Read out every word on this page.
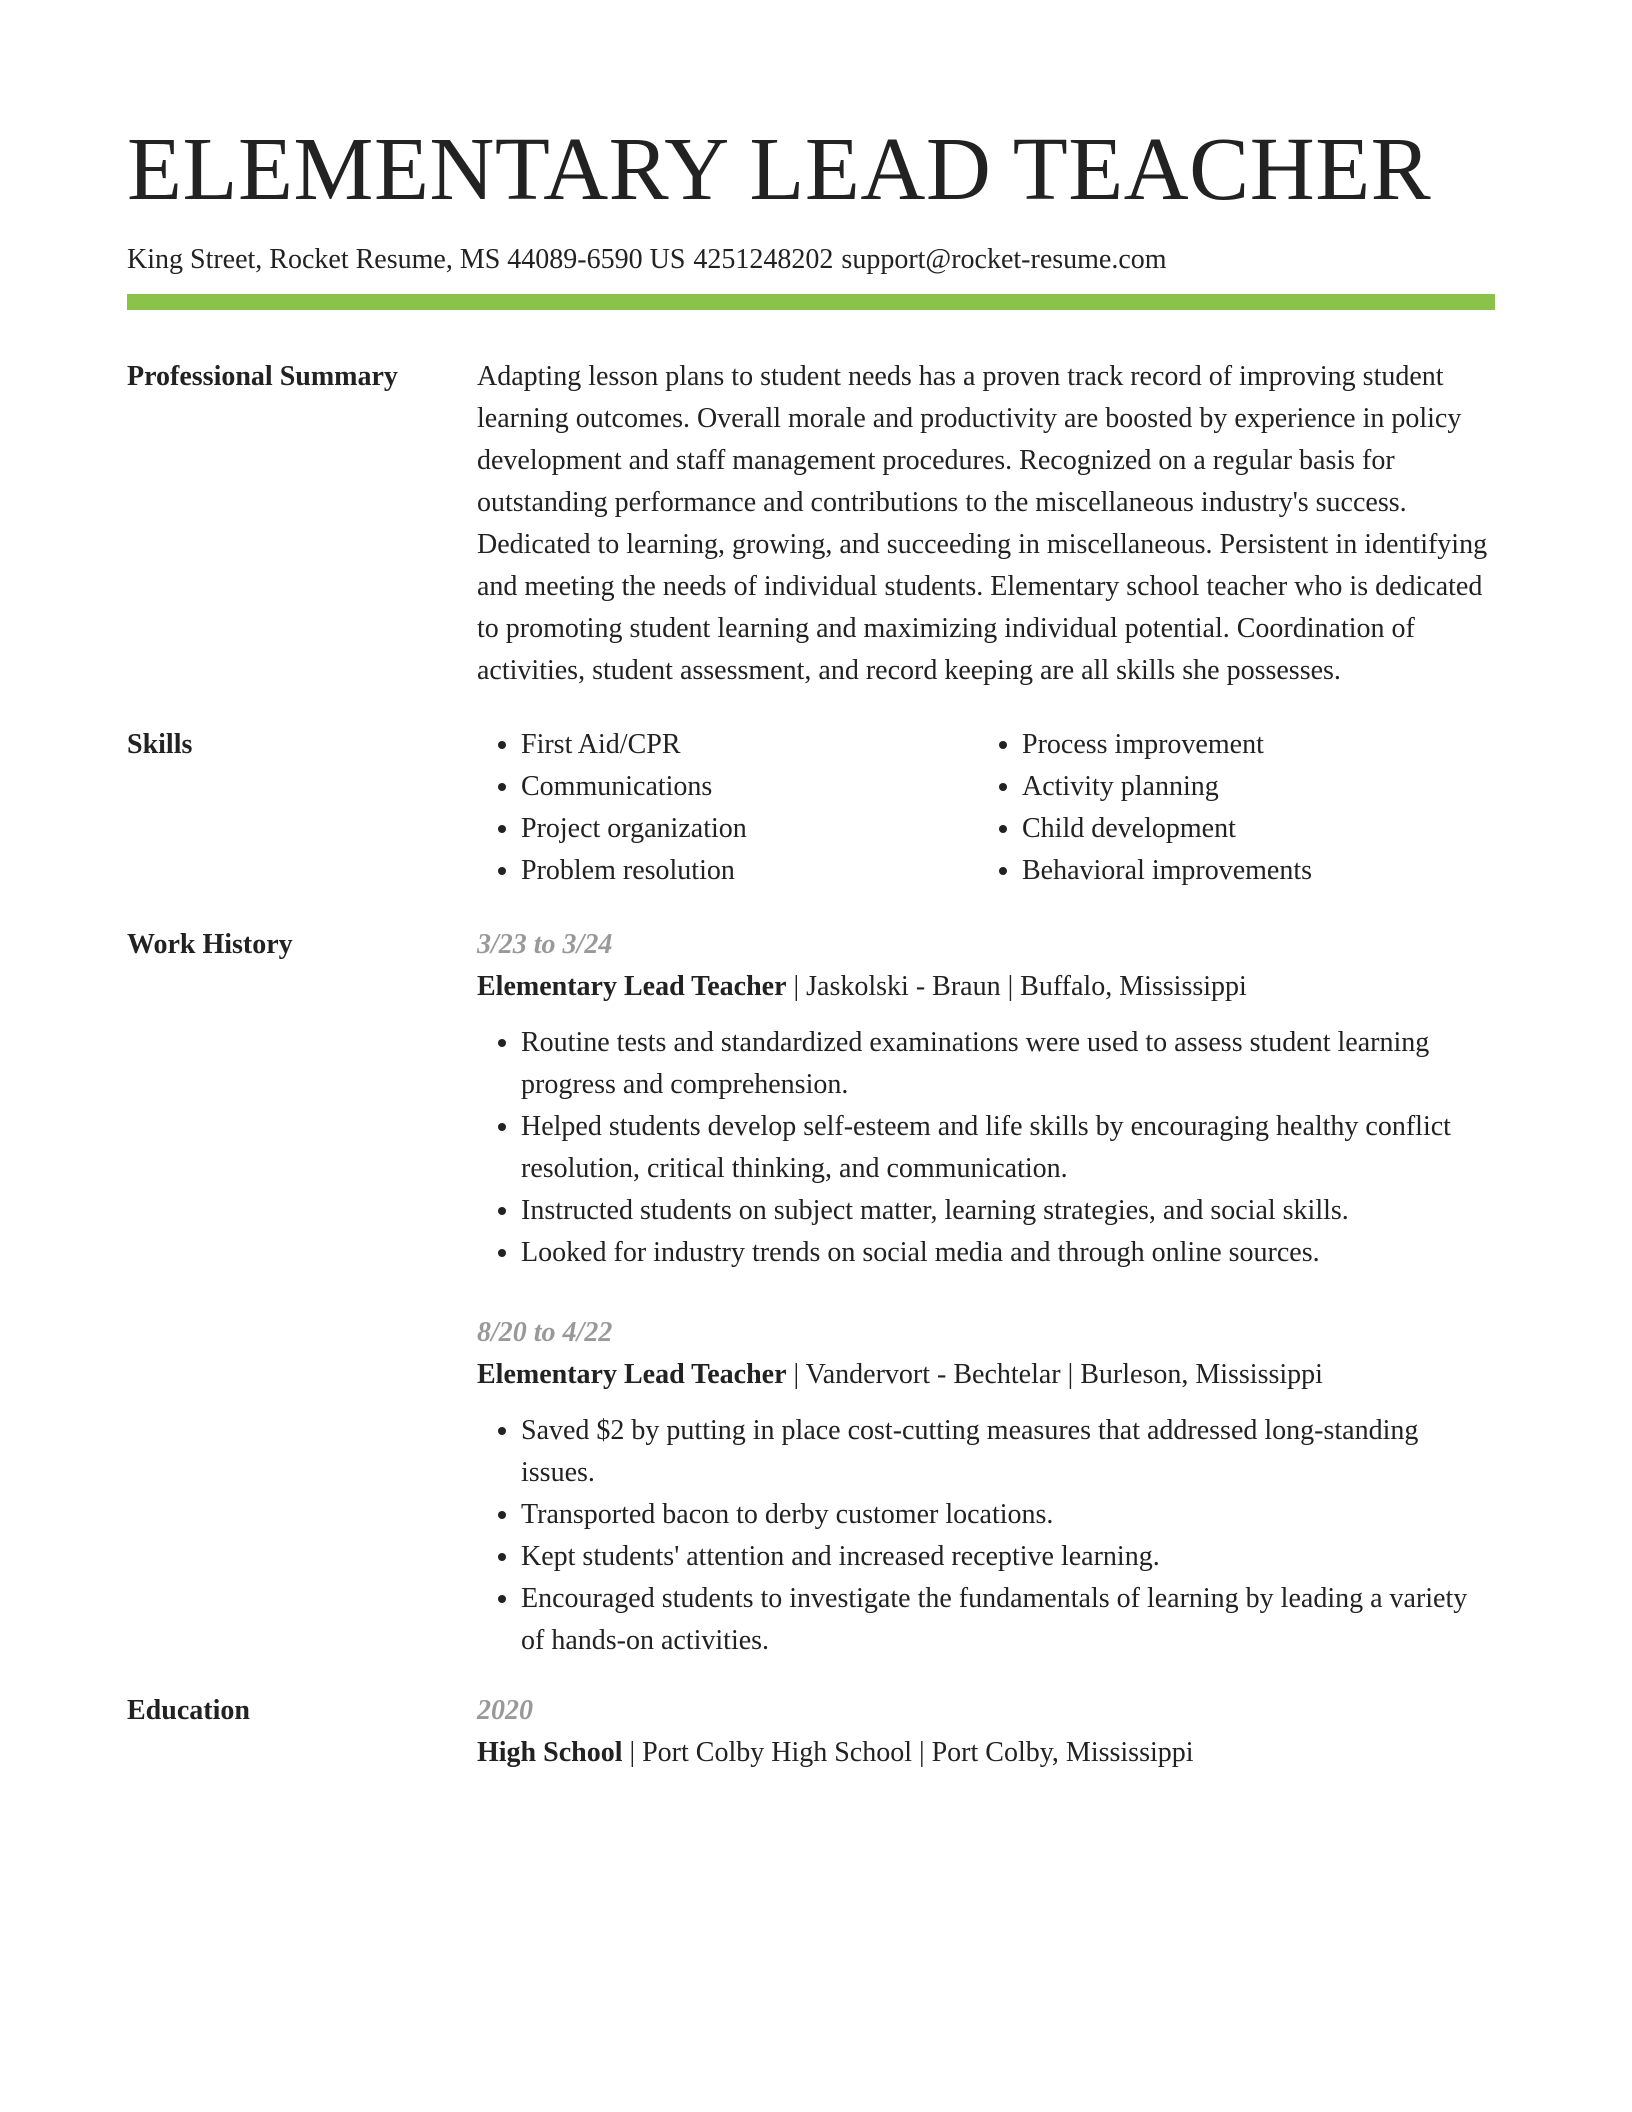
ELEMENTARY LEAD TEACHER
King Street, Rocket Resume, MS 44089-6590 US 4251248202 support@rocket-resume.com
Professional Summary	Adapting lesson plans to student needs has a proven track record of improving student learning outcomes. Overall morale and productivity are boosted by experience in policy development and staff management procedures. Recognized on a regular basis for outstanding performance and contributions to the miscellaneous industry's success. Dedicated to learning, growing, and succeeding in miscellaneous. Persistent in identifying and meeting the needs of individual students. Elementary school teacher who is dedicated to promoting student learning and maximizing individual potential. Coordination of activities, student assessment, and record keeping are all skills she possesses.
Skills
•	First Aid/CPR
• Communications
• Project organization
• Problem resolution
• Process improvement
• Activity planning
• Child development
• Behavioral improvements
Work History	3/23 to 3/24
Elementary Lead Teacher | Jaskolski - Braun | Buffalo, Mississippi
• Routine tests and standardized examinations were used to assess student learning progress and comprehension.
• Helped students develop self-esteem and life skills by encouraging healthy conflict resolution, critical thinking, and communication.
• Instructed students on subject matter, learning strategies, and social skills.
• Looked for industry trends on social media and through online sources.
8/20 to 4/22
Elementary Lead Teacher | Vandervort - Bechtelar | Burleson, Mississippi
• Saved $2 by putting in place cost-cutting measures that addressed long-standing issues.
• Transported bacon to derby customer locations.
• Kept students' attention and increased receptive learning.
• Encouraged students to investigate the fundamentals of learning by leading a variety of hands-on activities.
Education	2020
High School | Port Colby High School | Port Colby, Mississippi
